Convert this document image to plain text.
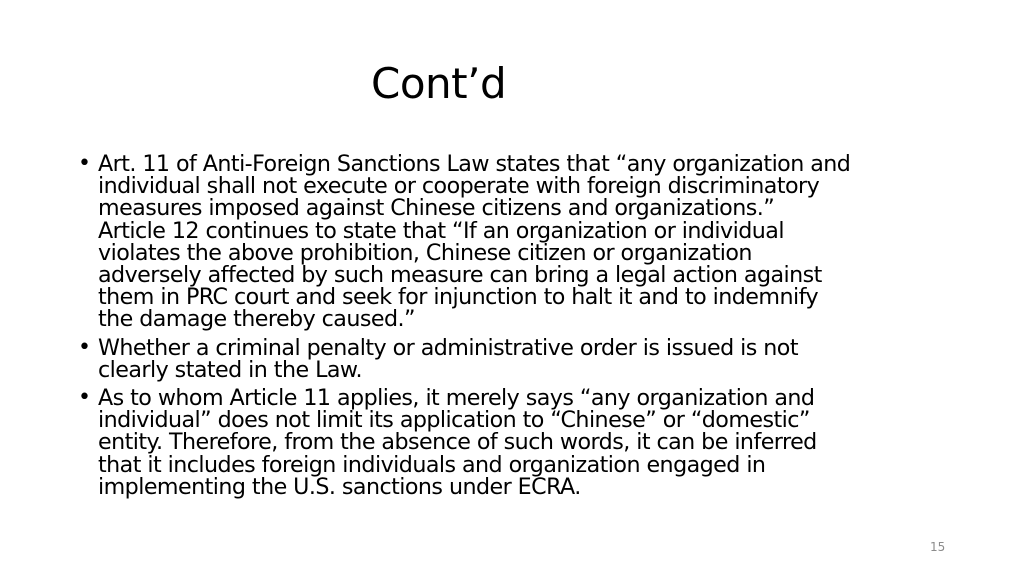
Cont’d
• Art. 11 of Anti-Foreign Sanctions Law states that “any organization and
individual shall not execute or cooperate with foreign discriminatory
measures imposed against Chinese citizens and organizations.”
Article 12 continues to state that “If an organization or individual
violates the above prohibition, Chinese citizen or organization
adversely affected by such measure can bring a legal action against
them in PRC court and seek for injunction to halt it and to indemnify
the damage thereby caused.”
• Whether a criminal penalty or administrative order is issued is not
clearly stated in the Law.
• As to whom Article 11 applies, it merely says “any organization and
individual” does not limit its application to “Chinese” or “domestic”
entity. Therefore, from the absence of such words, it can be inferred
that it includes foreign individuals and organization engaged in
implementing the U.S. sanctions under ECRA.
15
